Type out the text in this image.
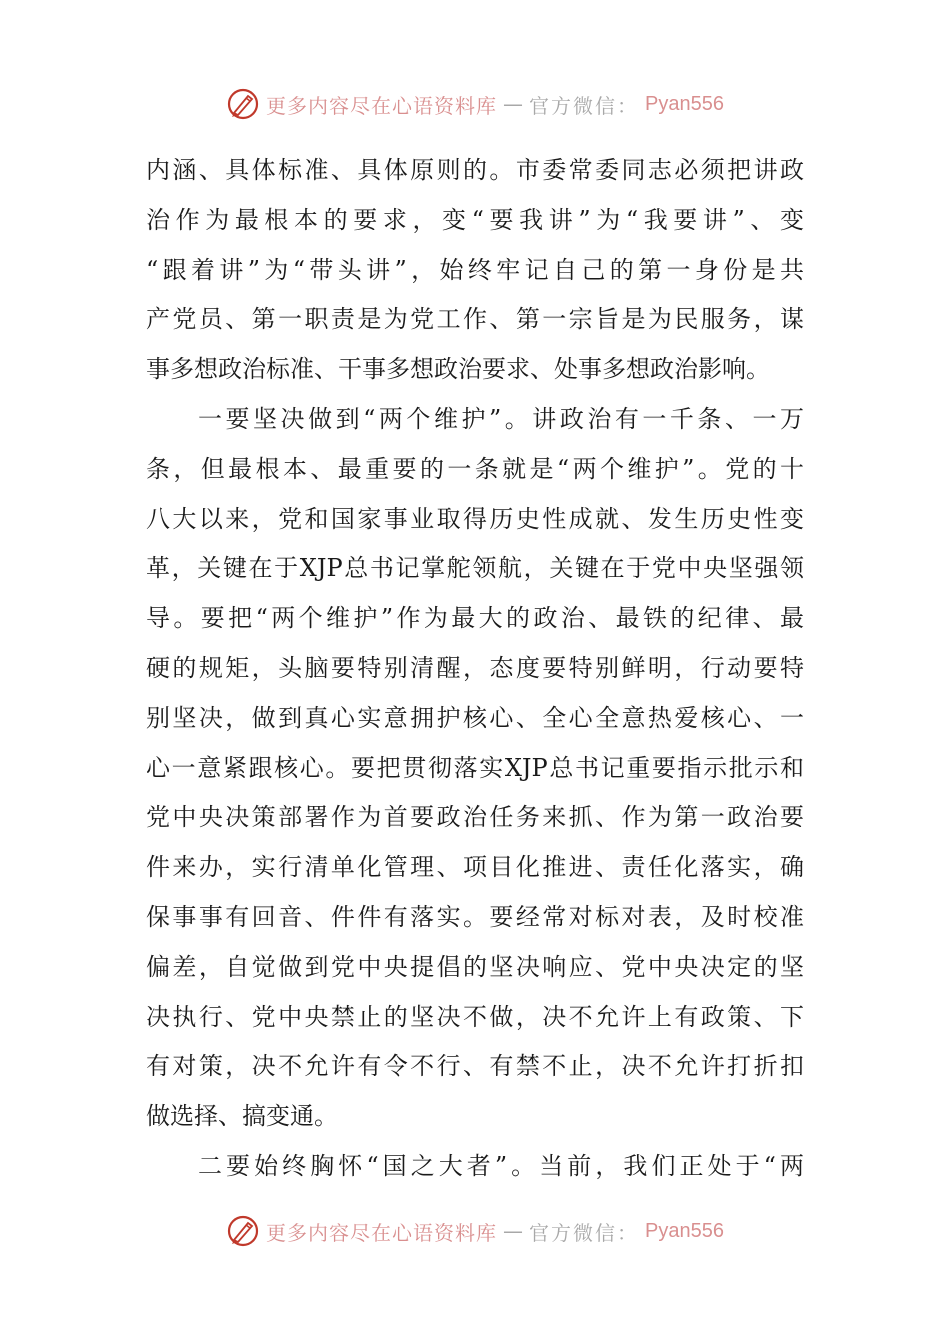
更多内容尽在心语资料库 — 官方微信： Pyan556
内涵、具体标准、具体原则的。市委常委同志必须把讲政
治作为最根本的要求，变“要我讲”为“我要讲”、变
“跟着讲”为“带头讲”，始终牢记自己的第一身份是共
产党员、第一职责是为党工作、第一宗旨是为民服务，谋
事多想政治标准、干事多想政治要求、处事多想政治影响。
一要坚决做到“两个维护”。讲政治有一千条、一万
条，但最根本、最重要的一条就是“两个维护”。党的十
八大以来，党和国家事业取得历史性成就、发生历史性变
革，关键在于XJP总书记掌舵领航，关键在于党中央坚强领
导。要把“两个维护”作为最大的政治、最铁的纪律、最
硬的规矩，头脑要特别清醒，态度要特别鲜明，行动要特
别坚决，做到真心实意拥护核心、全心全意热爱核心、一
心一意紧跟核心。要把贯彻落实XJP总书记重要指示批示和
党中央决策部署作为首要政治任务来抓、作为第一政治要
件来办，实行清单化管理、项目化推进、责任化落实，确
保事事有回音、件件有落实。要经常对标对表，及时校准
偏差，自觉做到党中央提倡的坚决响应、党中央决定的坚
决执行、党中央禁止的坚决不做，决不允许上有政策、下
有对策，决不允许有令不行、有禁不止，决不允许打折扣
做选择、搞变通。
二要始终胸怀“国之大者”。当前，我们正处于“两
更多内容尽在心语资料库 — 官方微信： Pyan556
